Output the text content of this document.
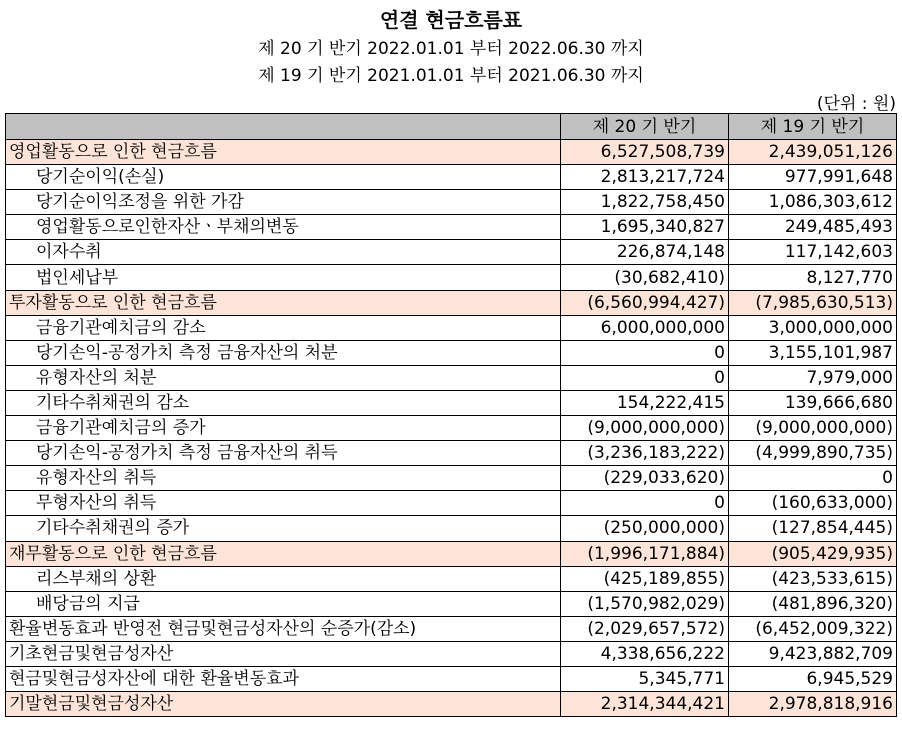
연결 현금흐름표
제 20 기 반기 2022.01.01 부터 2022.06.30 까지
제 19 기 반기 2021.01.01 부터 2021.06.30 까지
(단위 : 원)
	제 20 기 반기	제 19 기 반기
영업활동으로 인한 현금흐름	6,527,508,739	2,439,051,126
당기순이익(손실)	2,813,217,724	977,991,648
당기순이익조정을 위한 가감	1,822,758,450	1,086,303,612
영업활동으로인한자산ㆍ부채의변동	1,695,340,827	249,485,493
이자수취	226,874,148	117,142,603
법인세납부	(30,682,410)	8,127,770
투자활동으로 인한 현금흐름	(6,560,994,427)	(7,985,630,513)
금융기관예치금의 감소	6,000,000,000	3,000,000,000
당기손익-공정가치 측정 금융자산의 처분	0	3,155,101,987
유형자산의 처분	0	7,979,000
기타수취채권의 감소	154,222,415	139,666,680
금융기관예치금의 증가	(9,000,000,000)	(9,000,000,000)
당기손익-공정가치 측정 금융자산의 취득	(3,236,183,222)	(4,999,890,735)
유형자산의 취득	(229,033,620)	0
무형자산의 취득	0	(160,633,000)
기타수취채권의 증가	(250,000,000)	(127,854,445)
재무활동으로 인한 현금흐름	(1,996,171,884)	(905,429,935)
리스부채의 상환	(425,189,855)	(423,533,615)
배당금의 지급	(1,570,982,029)	(481,896,320)
환율변동효과 반영전 현금및현금성자산의 순증가(감소)	(2,029,657,572)	(6,452,009,322)
기초현금및현금성자산	4,338,656,222	9,423,882,709
현금및현금성자산에 대한 환율변동효과	5,345,771	6,945,529
기말현금및현금성자산	2,314,344,421	2,978,818,916
